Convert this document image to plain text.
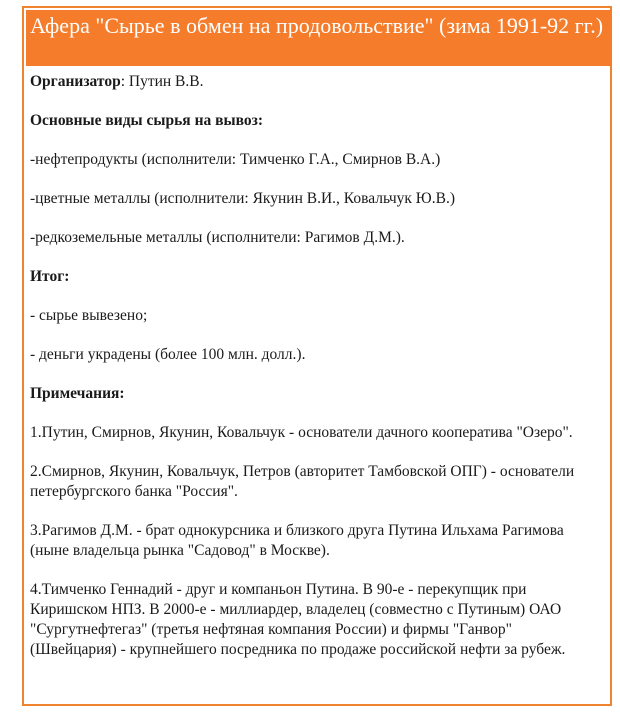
Афера "Сырье в обмен на продовольствие" (зима 1991-92 гг.)

Организатор: Путин В.В.

Основные виды сырья на вывоз:

-нефтепродукты (исполнители: Тимченко Г.А., Смирнов В.А.)

-цветные металлы (исполнители: Якунин В.И., Ковальчук Ю.В.)

-редкоземельные металлы (исполнители: Рагимов Д.М.).

Итог:

- сырье вывезено;

- деньги украдены (более 100 млн. долл.).

Примечания:

1.Путин, Смирнов, Якунин, Ковальчук - основатели дачного кооператива "Озеро".

2.Смирнов, Якунин, Ковальчук, Петров (авторитет Тамбовской ОПГ) - основатели петербургского банка "Россия".

3.Рагимов Д.М. - брат однокурсника и близкого друга Путина Ильхама Рагимова (ныне владельца рынка "Садовод" в Москве).

4.Тимченко Геннадий - друг и компаньон Путина. В 90-е - перекупщик при Киришском НПЗ. В 2000-е - миллиардер, владелец (совместно с Путиным) ОАО "Сургутнефтегаз" (третья нефтяная компания России) и фирмы "Ганвор" (Швейцария) - крупнейшего посредника по продаже российской нефти за рубеж.
